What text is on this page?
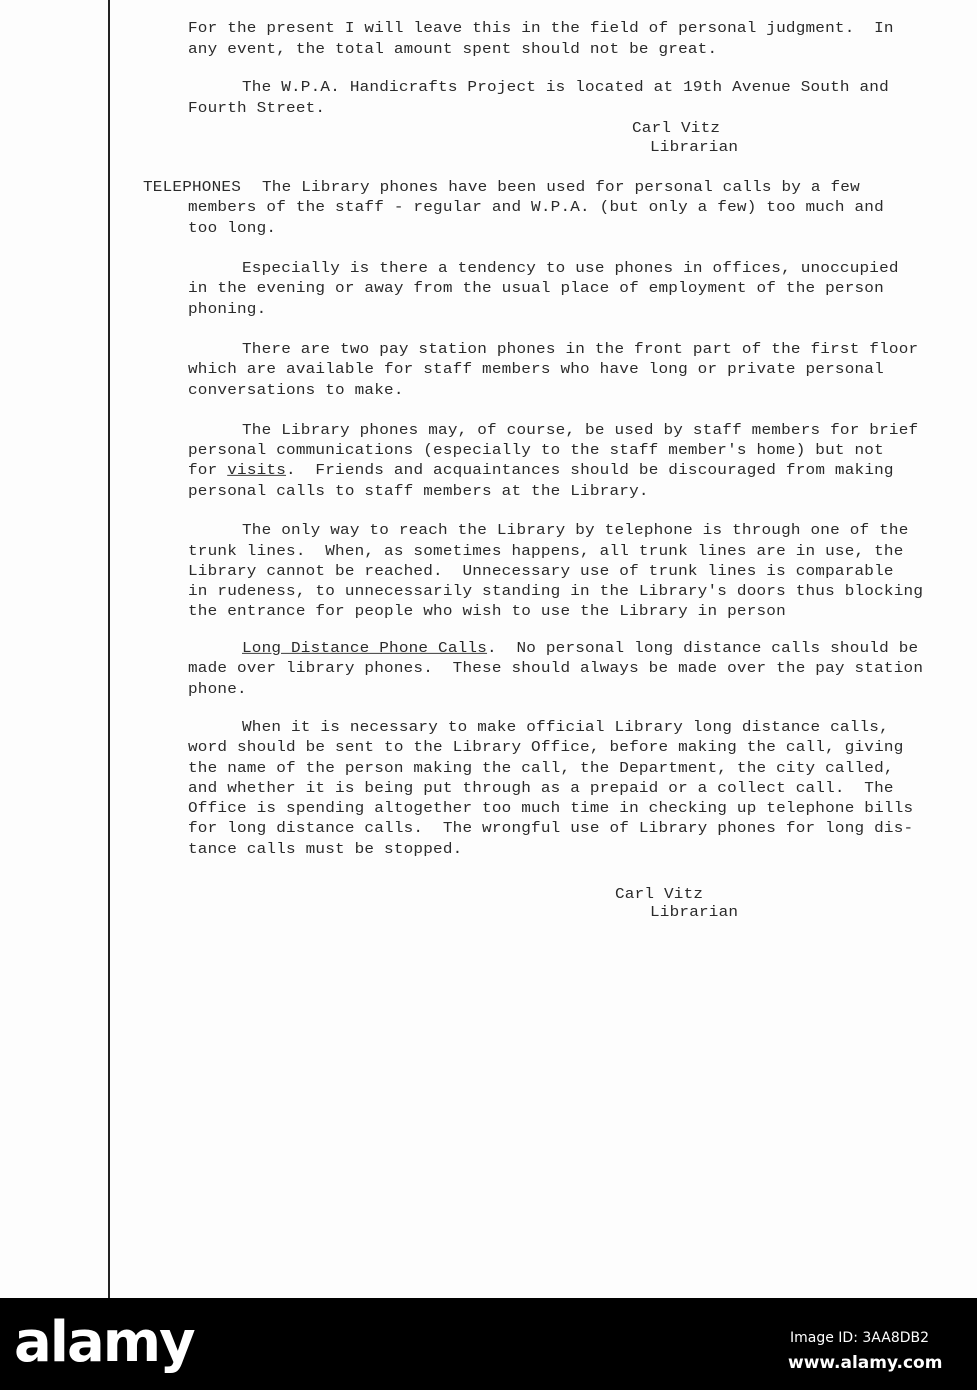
For the present I will leave this in the field of personal judgment.  In
any event, the total amount spent should not be great.
The W.P.A. Handicrafts Project is located at 19th Avenue South and
Fourth Street.
Carl Vitz
Librarian
TELEPHONES The Library phones have been used for personal calls by a few
members of the staff - regular and W.P.A. (but only a few) too much and
too long.
Especially is there a tendency to use phones in offices, unoccupied
in the evening or away from the usual place of employment of the person
phoning.
There are two pay station phones in the front part of the first floor
which are available for staff members who have long or private personal
conversations to make.
The Library phones may, of course, be used by staff members for brief
personal communications (especially to the staff member's home) but not
for visits.  Friends and acquaintances should be discouraged from making
personal calls to staff members at the Library.
The only way to reach the Library by telephone is through one of the
trunk lines.  When, as sometimes happens, all trunk lines are in use, the
Library cannot be reached.  Unnecessary use of trunk lines is comparable
in rudeness, to unnecessarily standing in the Library's doors thus blocking
the entrance for people who wish to use the Library in person
Long Distance Phone Calls.  No personal long distance calls should be
made over library phones.  These should always be made over the pay station
phone.
When it is necessary to make official Library long distance calls,
word should be sent to the Library Office, before making the call, giving
the name of the person making the call, the Department, the city called,
and whether it is being put through as a prepaid or a collect call.  The
Office is spending altogether too much time in checking up telephone bills
for long distance calls.  The wrongful use of Library phones for long dis-
tance calls must be stopped.
Carl Vitz
Librarian
alamy	Image ID: 3AA8DB2
www.alamy.com
